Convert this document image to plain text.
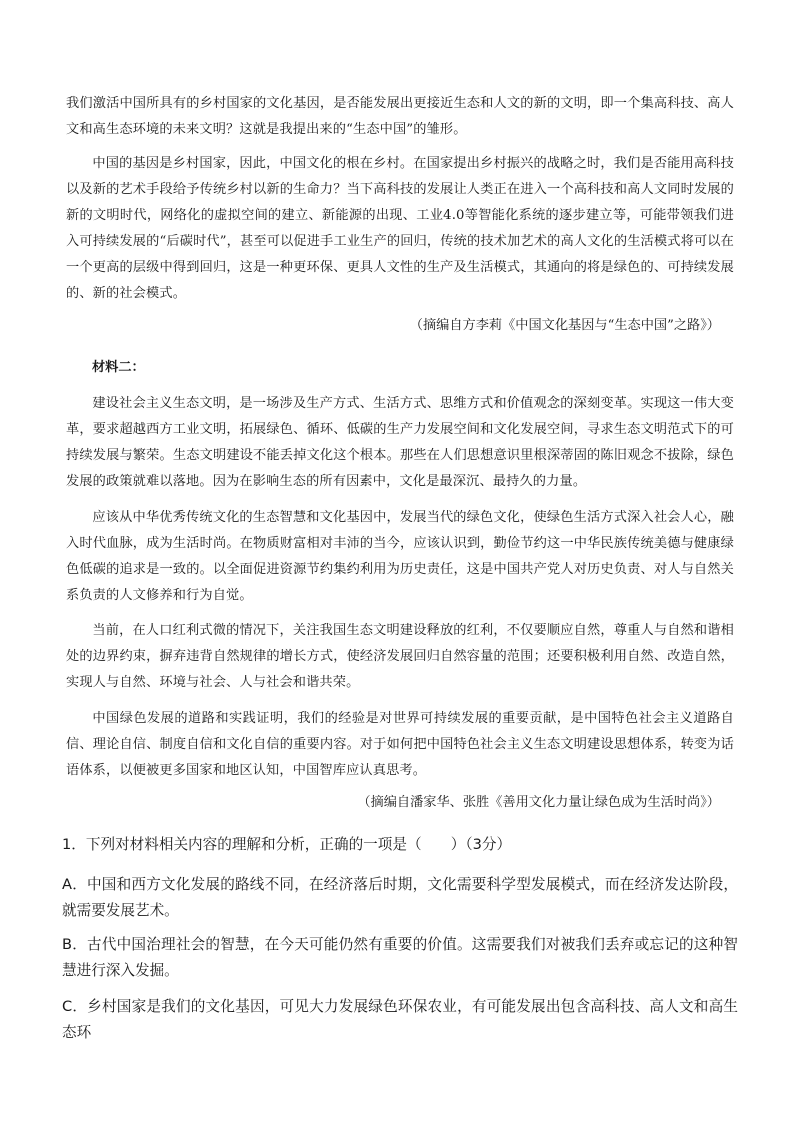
我们激活中国所具有的乡村国家的文化基因，是否能发展出更接近生态和人文的新的文明，即一个集高科技、高人文和高生态环境的未来文明？这就是我提出来的“生态中国”的雏形。

中国的基因是乡村国家，因此，中国文化的根在乡村。在国家提出乡村振兴的战略之时，我们是否能用高科技以及新的艺术手段给予传统乡村以新的生命力？当下高科技的发展让人类正在进入一个高科技和高人文同时发展的新的文明时代，网络化的虚拟空间的建立、新能源的出现、工业4.0等智能化系统的逐步建立等，可能带领我们进入可持续发展的“后碳时代”，甚至可以促进手工业生产的回归，传统的技术加艺术的高人文化的生活模式将可以在一个更高的层级中得到回归，这是一种更环保、更具人文性的生产及生活模式，其通向的将是绿色的、可持续发展的、新的社会模式。

（摘编自方李莉《中国文化基因与“生态中国”之路》）

材料二：

建设社会主义生态文明，是一场涉及生产方式、生活方式、思维方式和价值观念的深刻变革。实现这一伟大变革，要求超越西方工业文明，拓展绿色、循环、低碳的生产力发展空间和文化发展空间，寻求生态文明范式下的可持续发展与繁荣。生态文明建设不能丢掉文化这个根本。那些在人们思想意识里根深蒂固的陈旧观念不拔除，绿色发展的政策就难以落地。因为在影响生态的所有因素中，文化是最深沉、最持久的力量。

应该从中华优秀传统文化的生态智慧和文化基因中，发展当代的绿色文化，使绿色生活方式深入社会人心，融入时代血脉，成为生活时尚。在物质财富相对丰沛的当今，应该认识到，勤俭节约这一中华民族传统美德与健康绿色低碳的追求是一致的。以全面促进资源节约集约利用为历史责任，这是中国共产党人对历史负责、对人与自然关系负责的人文修养和行为自觉。

当前，在人口红利式微的情况下，关注我国生态文明建设释放的红利，不仅要顺应自然，尊重人与自然和谐相处的边界约束，摒弃违背自然规律的增长方式，使经济发展回归自然容量的范围；还要积极利用自然、改造自然，实现人与自然、环境与社会、人与社会和谐共荣。

中国绿色发展的道路和实践证明，我们的经验是对世界可持续发展的重要贡献，是中国特色社会主义道路自信、理论自信、制度自信和文化自信的重要内容。对于如何把中国特色社会主义生态文明建设思想体系，转变为话语体系，以便被更多国家和地区认知，中国智库应认真思考。

（摘编自潘家华、张胜《善用文化力量让绿色成为生活时尚》）

1．下列对材料相关内容的理解和分析，正确的一项是（　　）（3分）

A．中国和西方文化发展的路线不同，在经济落后时期，文化需要科学型发展模式，而在经济发达阶段，就需要发展艺术。

B．古代中国治理社会的智慧，在今天可能仍然有重要的价值。这需要我们对被我们丢弃或忘记的这种智慧进行深入发掘。

C．乡村国家是我们的文化基因，可见大力发展绿色环保农业，有可能发展出包含高科技、高人文和高生态环
